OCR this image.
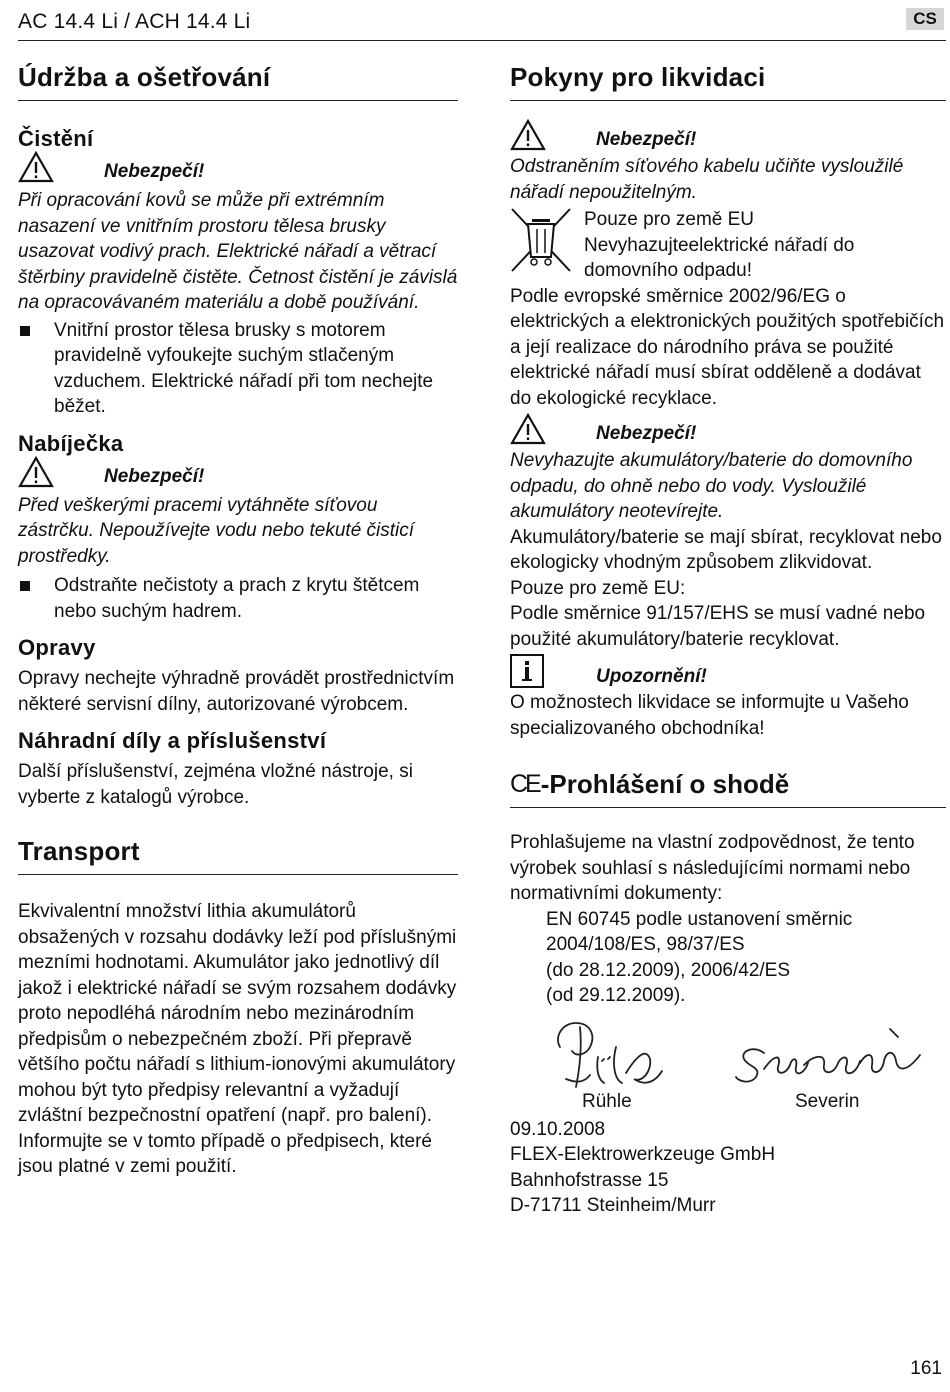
AC 14.4 Li / ACH 14.4 Li	CS
Údržba a ošetřování
Čistění
Nebezpečí!

Při opracování kovů se může při extrémním nasazení ve vnitřním prostoru tělesa brusky usazovat vodivý prach. Elektrické nářadí a větrací štěrbiny pravidelně čistěte. Četnost čistění je závislá na opracovávaném materiálu a době používání.

Vnitřní prostor tělesa brusky s motorem pravidelně vyfoukejte suchým stlačeným vzduchem. Elektrické nářadí při tom nechejte běžet.

Nabíječka
Nebezpečí!

Před veškerými pracemi vytáhněte síťovou zástrčku. Nepoužívejte vodu nebo tekuté čisticí prostředky.

Odstraňte nečistoty a prach z krytu štětcem nebo suchým hadrem.

Opravy

Opravy nechejte výhradně provádět prostřednictvím některé servisní dílny, autorizované výrobcem.

Náhradní díly a příslušenství

Další příslušenství, zejména vložné nástroje, si vyberte z katalogů výrobce.

Transport

Ekvivalentní množství lithia akumulátorů obsažených v rozsahu dodávky leží pod příslušnými mezními hodnotami. Akumulátor jako jednotlivý díl jakož i elektrické nářadí se svým rozsahem dodávky proto nepodléhá národním nebo mezinárodním předpisům o nebezpečném zboží. Při přepravě většího počtu nářadí s lithium-ionovými akumulátory mohou být tyto předpisy relevantní a vyžadují zvláštní bezpečnostní opatření (např. pro balení).

Informujte se v tomto případě o předpisech, které jsou platné v zemi použití.

Pokyny pro likvidaci
Nebezpečí!

Odstraněním síťového kabelu učiňte vysloužilé nářadí nepoužitelným.

Pouze pro země EU

Nevyhazujteelektrické nářadí do domovního odpadu!

Podle evropské směrnice 2002/96/EG o elektrických a elektronických použitých spotřebičích a její realizace do národního práva se použité elektrické nářadí musí sbírat odděleně a dodávat do ekologické recyklace.

Nebezpečí!

Nevyhazujte akumulátory/baterie do domovního odpadu, do ohně nebo do vody. Vysloužilé akumulátory neotevírejte.

Akumulátory/baterie se mají sbírat, recyklovat nebo ekologicky vhodným způsobem zlikvidovat.

Pouze pro země EU:

Podle směrnice 91/157/EHS se musí vadné nebo použité akumulátory/baterie recyklovat.

Upozornění!

O možnostech likvidace se informujte u Vašeho specializovaného obchodníka!

CE -Prohlášení o shodě

Prohlašujeme na vlastní zodpovědnost, že tento výrobek souhlasí s následujícími normami nebo normativními dokumenty:

EN 60745 podle ustanovení směrnic

2004/108/ES, 98/37/ES

(do 28.12.2009), 2006/42/ES

(od 29.12.2009).

Rühle	Severin

09.10.2008

FLEX-Elektrowerkzeuge GmbH

Bahnhofstrasse 15

D-71711 Steinheim/Murr

161
